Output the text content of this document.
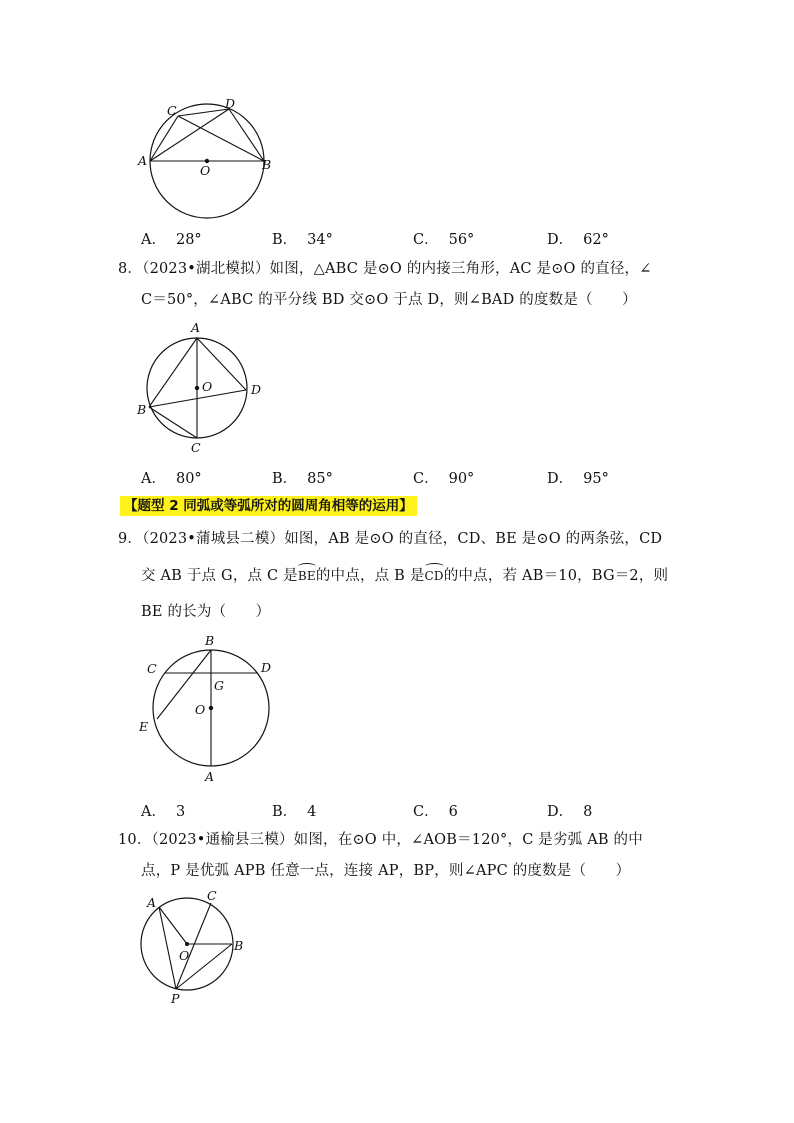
A	B
C	D
O
A． 28°	B． 34°	C． 56°	D． 62°
8．（2023•湖北模拟）如图，△ABC 是⊙O 的内接三角形，AC 是⊙O 的直径，∠
C＝50°，∠ABC 的平分线 BD 交⊙O 于点 D，则∠BAD 的度数是（　　）
A
B
C
D
O
A． 80°	B． 85°	C． 90°	D． 95°
【题型 2 同弧或等弧所对的圆周角相等的运用】
9．（2023•蒲城县二模）如图，AB 是⊙O 的直径，CD、BE 是⊙O 的两条弦，CD
交 AB 于点 G，点 C 是BE的中点，点 B 是CD的中点，若 AB＝10，BG＝2，则
BE 的长为（　　）
B
C	D
G
E
O
A
A． 3	B． 4	C． 6	D． 8
10．（2023•通榆县三模）如图，在⊙O 中，∠AOB＝120°，C 是劣弧 AB 的中
点，P 是优弧 APB 任意一点，连接 AP，BP，则∠APC 的度数是（　　）
A	C
B
O
P
